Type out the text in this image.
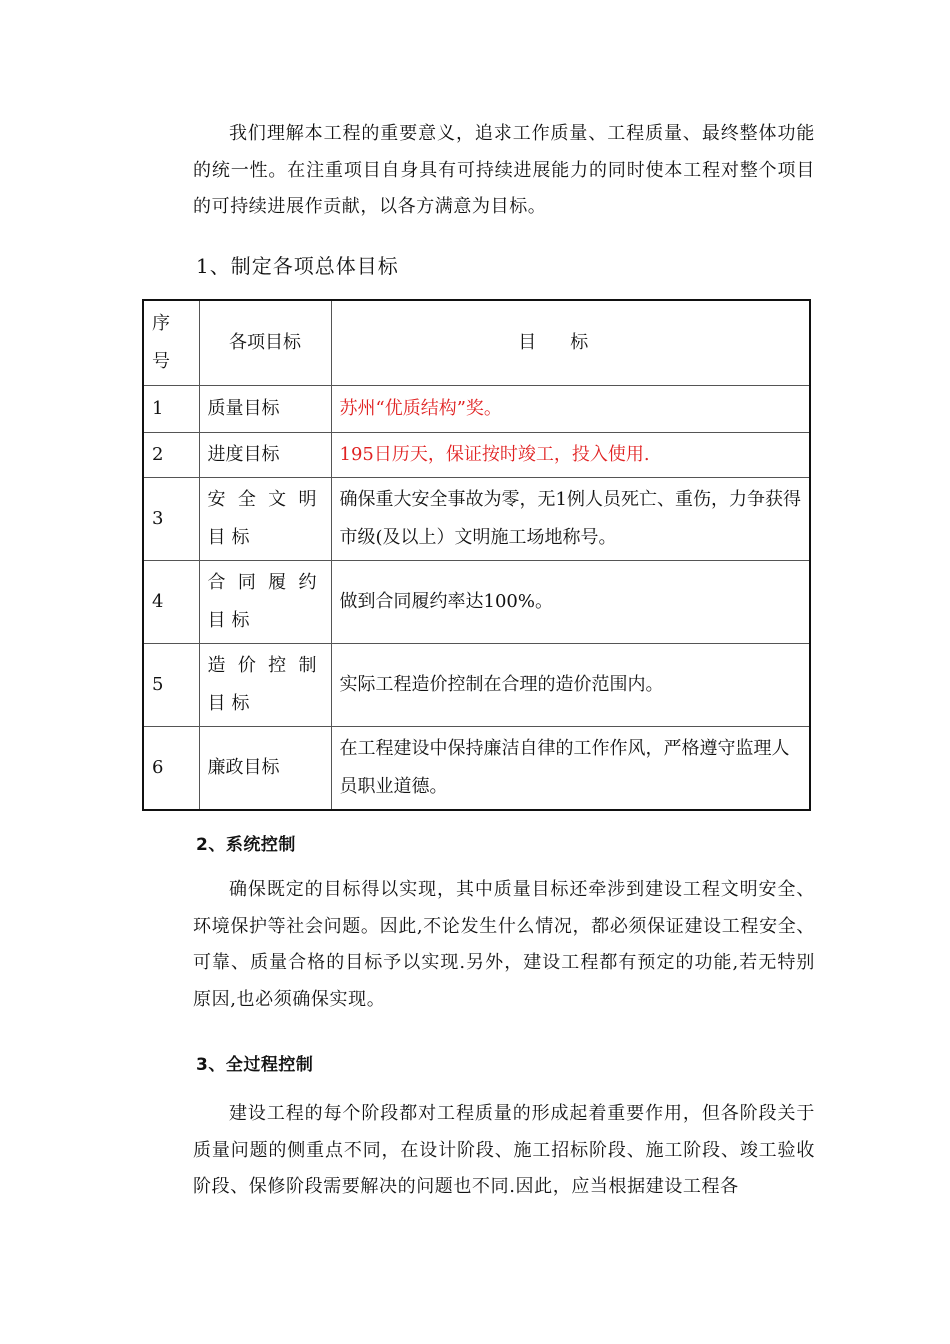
我们理解本工程的重要意义，追求工作质量、工程质量、最终整体功能的统一性。在注重项目自身具有可持续进展能力的同时使本工程对整个项目的可持续进展作贡献，以各方满意为目标。

1、制定各项总体目标
序号	各项目标	目标
1	质量目标	苏州“优质结构”奖。
2	进度目标	195日历天，保证按时竣工，投入使用.
3	安全文明目标	确保重大安全事故为零，无1例人员死亡、重伤，力争获得市级(及以上）文明施工场地称号。
4	合同履约目标	做到合同履约率达100%。
5	造价控制目标	实际工程造价控制在合理的造价范围内。
6	廉政目标	在工程建设中保持廉洁自律的工作作风，严格遵守监理人员职业道德。
2、系统控制

确保既定的目标得以实现，其中质量目标还牵涉到建设工程文明安全、环境保护等社会问题。因此,不论发生什么情况，都必须保证建设工程安全、可靠、质量合格的目标予以实现.另外，建设工程都有预定的功能,若无特别原因,也必须确保实现。

3、全过程控制

建设工程的每个阶段都对工程质量的形成起着重要作用，但各阶段关于质量问题的侧重点不同，在设计阶段、施工招标阶段、施工阶段、竣工验收阶段、保修阶段需要解决的问题也不同.因此，应当根据建设工程各
